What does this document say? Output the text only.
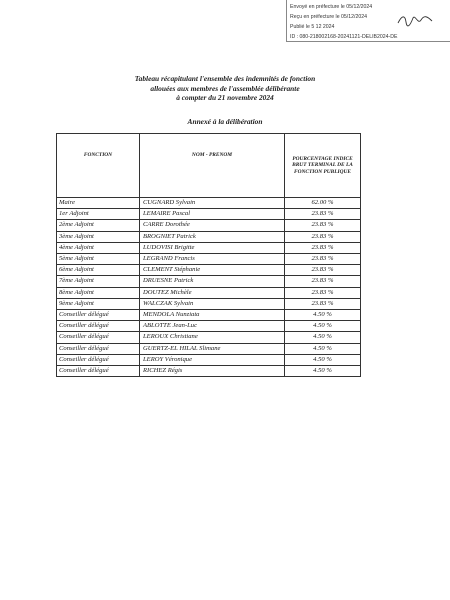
Envoyé en préfecture le 05/12/2024
Reçu en préfecture le 05/12/2024
Publié le 5 12 2024
ID : 080-218002168-20241121-DELIB2024-DE
Tableau récapitulant l'ensemble des indemnités de fonction
allouées aux membres de l'assemblée délibérante
à compter du 21 novembre 2024
Annexé à la délibération
FONCTION	NOM - PRENOM	POURCENTAGE INDICE BRUT TERMINAL DE LA FONCTION PUBLIQUE
Maire	CUGNARD Sylvain	62.00 %
1er Adjoint	LEMAIRE Pascal	23.83 %
2ème Adjoint	CARRE Dorothée	23.83 %
3ème Adjoint	BROGNIET Patrick	23.83 %
4ème Adjoint	LUDOVISI Brigitte	23.83 %
5ème Adjoint	LEGRAND Francis	23.83 %
6ème Adjoint	CLEMENT Stéphanie	23.83 %
7ème Adjoint	DRUESNE Patrick	23.83 %
8ème Adjoint	DOUTEZ Michèle	23.83 %
9ème Adjoint	WALCZAK Sylvain	23.83 %
Conseiller délégué	MENDOLA Nunziata	4.50 %
Conseiller délégué	ABLOTTE Jean-Luc	4.50 %
Conseiller délégué	LEROUX Christiane	4.50 %
Conseiller délégué	GUERTZ-EL HILAL Slimane	4.50 %
Conseiller délégué	LEROY Véronique	4.50 %
Conseiller délégué	RICHEZ Régis	4.50 %
